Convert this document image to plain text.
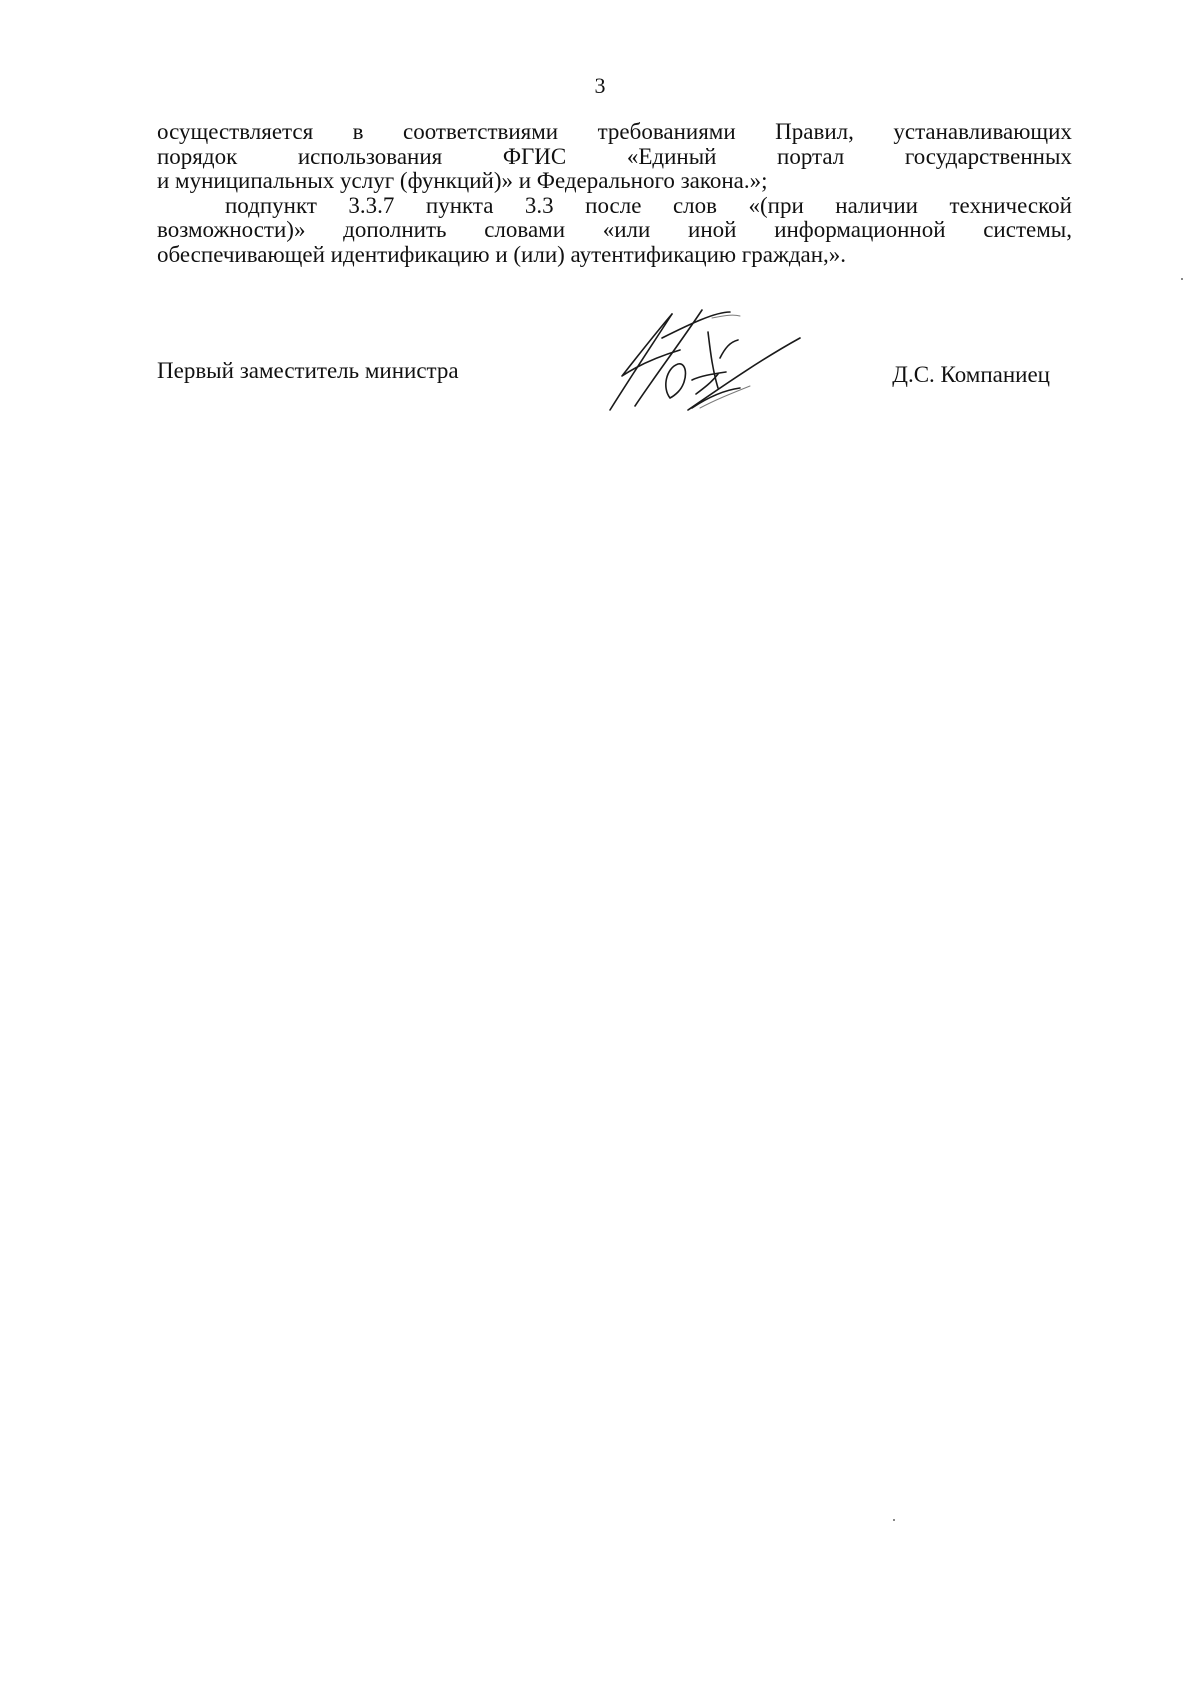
3
осуществляется в соответствиями требованиями Правил, устанавливающих
порядок	использования	ФГИС	«Единый	портал	государственных
и муниципальных услуг (функций)» и Федерального закона.»;
подпункт 3.3.7 пункта 3.3 после слов «(при наличии технической
возможности)» дополнить словами «или иной информационной системы,
обеспечивающей идентификацию и (или) аутентификацию граждан,».
Первый заместитель министра	Д.С. Компаниец
